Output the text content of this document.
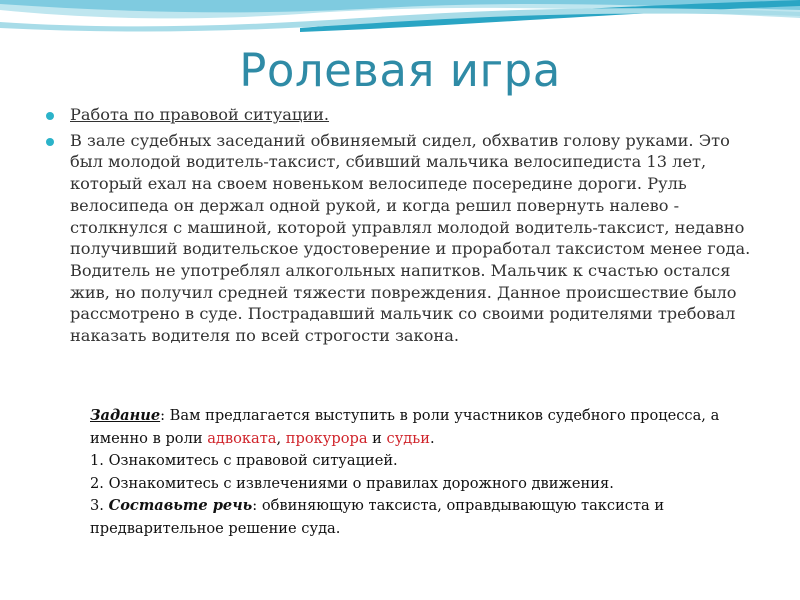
Ролевая игра
Работа по правовой ситуации.
В зале судебных заседаний обвиняемый сидел, обхватив голову руками. Это был молодой водитель-таксист, сбивший мальчика велосипедиста 13 лет, который ехал на своем новеньком велосипеде посередине дороги. Руль велосипеда он держал одной рукой, и когда решил повернуть налево - столкнулся с машиной, которой управлял молодой водитель-таксист, недавно получивший водительское удостоверение и проработал таксистом менее года. Водитель не употреблял алкогольных напитков. Мальчик к счастью остался жив, но получил средней тяжести повреждения. Данное происшествие было рассмотрено в суде. Пострадавший мальчик со своими родителями требовал наказать водителя по всей строгости закона.

Задание: Вам предлагается выступить в роли участников судебного процесса, а именно в роли адвоката, прокурора и судьи.

1. Ознакомитесь с правовой ситуацией.

2. Ознакомитесь с извлечениями о правилах дорожного движения.

3. Составьте речь: обвиняющую таксиста, оправдывающую таксиста и предварительное решение суда.
